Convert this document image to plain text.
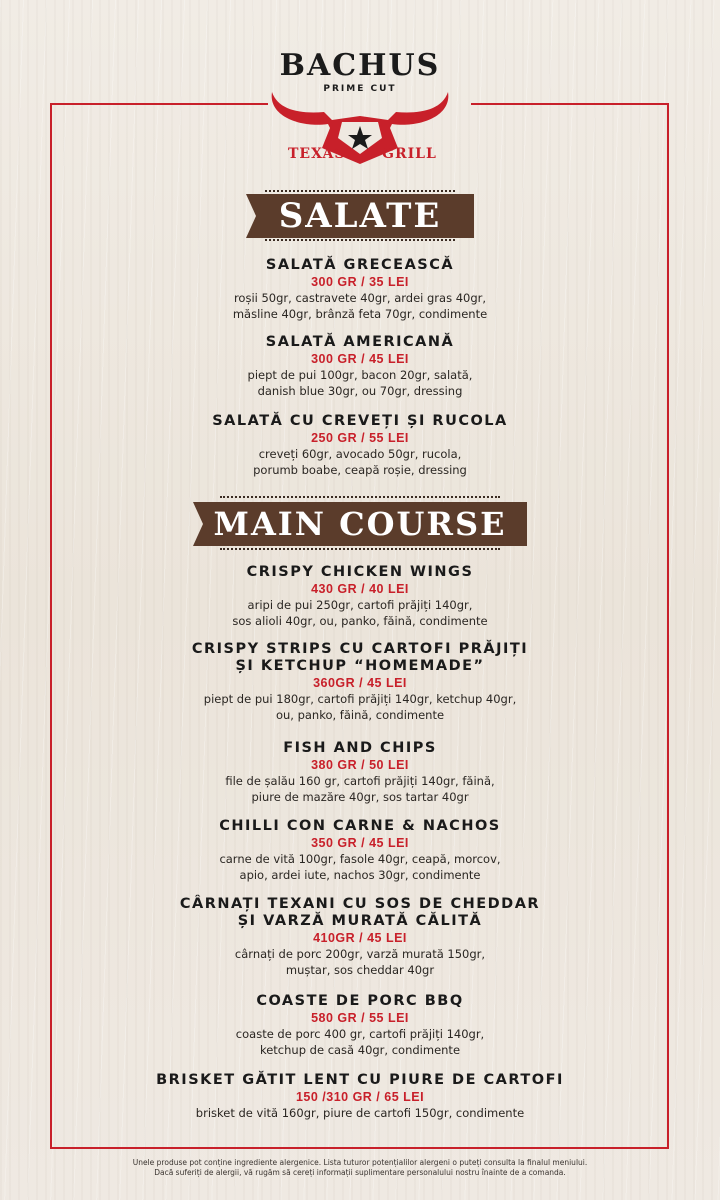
BACHUS
PRIME CUT
TEXAS	GRILL
SALATE
SALATĂ GRECEASCĂ
300 GR / 35 LEI
roșii 50gr, castravete 40gr, ardei gras 40gr,
măsline 40gr, brânză feta 70gr, condimente
SALATĂ AMERICANĂ
300 GR / 45 LEI
piept de pui 100gr, bacon 20gr, salată,
danish blue 30gr, ou 70gr, dressing
SALATĂ CU CREVEȚI ȘI RUCOLA
250 GR / 55 LEI
creveți 60gr, avocado 50gr, rucola,
porumb boabe, ceapă roșie, dressing
MAIN COURSE
CRISPY CHICKEN WINGS
430 GR / 40 LEI
aripi de pui 250gr, cartofi prăjiți 140gr,
sos alioli 40gr, ou, panko, făină, condimente
CRISPY STRIPS CU CARTOFI PRĂJIȚI
ȘI KETCHUP “HOMEMADE”
360GR / 45 LEI
piept de pui 180gr, cartofi prăjiți 140gr, ketchup 40gr,
ou, panko, făină, condimente
FISH AND CHIPS
380 GR / 50 LEI
file de șalău 160 gr, cartofi prăjiți 140gr, făină,
piure de mazăre 40gr, sos tartar 40gr
CHILLI CON CARNE & NACHOS
350 GR / 45 LEI
carne de vită 100gr, fasole 40gr, ceapă, morcov,
apio, ardei iute, nachos 30gr, condimente
CÂRNAȚI TEXANI CU SOS DE CHEDDAR
ȘI VARZĂ MURATĂ CĂLITĂ
410GR / 45 LEI
cârnați de porc 200gr, varză murată 150gr,
muștar, sos cheddar 40gr
COASTE DE PORC BBQ
580 GR / 55 LEI
coaste de porc 400 gr, cartofi prăjiți 140gr,
ketchup de casă 40gr, condimente
BRISKET GĂTIT LENT CU PIURE DE CARTOFI
150 /310 GR / 65 LEI
brisket de vită 160gr, piure de cartofi 150gr, condimente
Unele produse pot conține ingrediente alergenice. Lista tuturor potențialilor alergeni o puteți consulta la finalul meniului.
Dacă suferiți de alergii, vă rugăm să cereți informații suplimentare personalului nostru înainte de a comanda.
